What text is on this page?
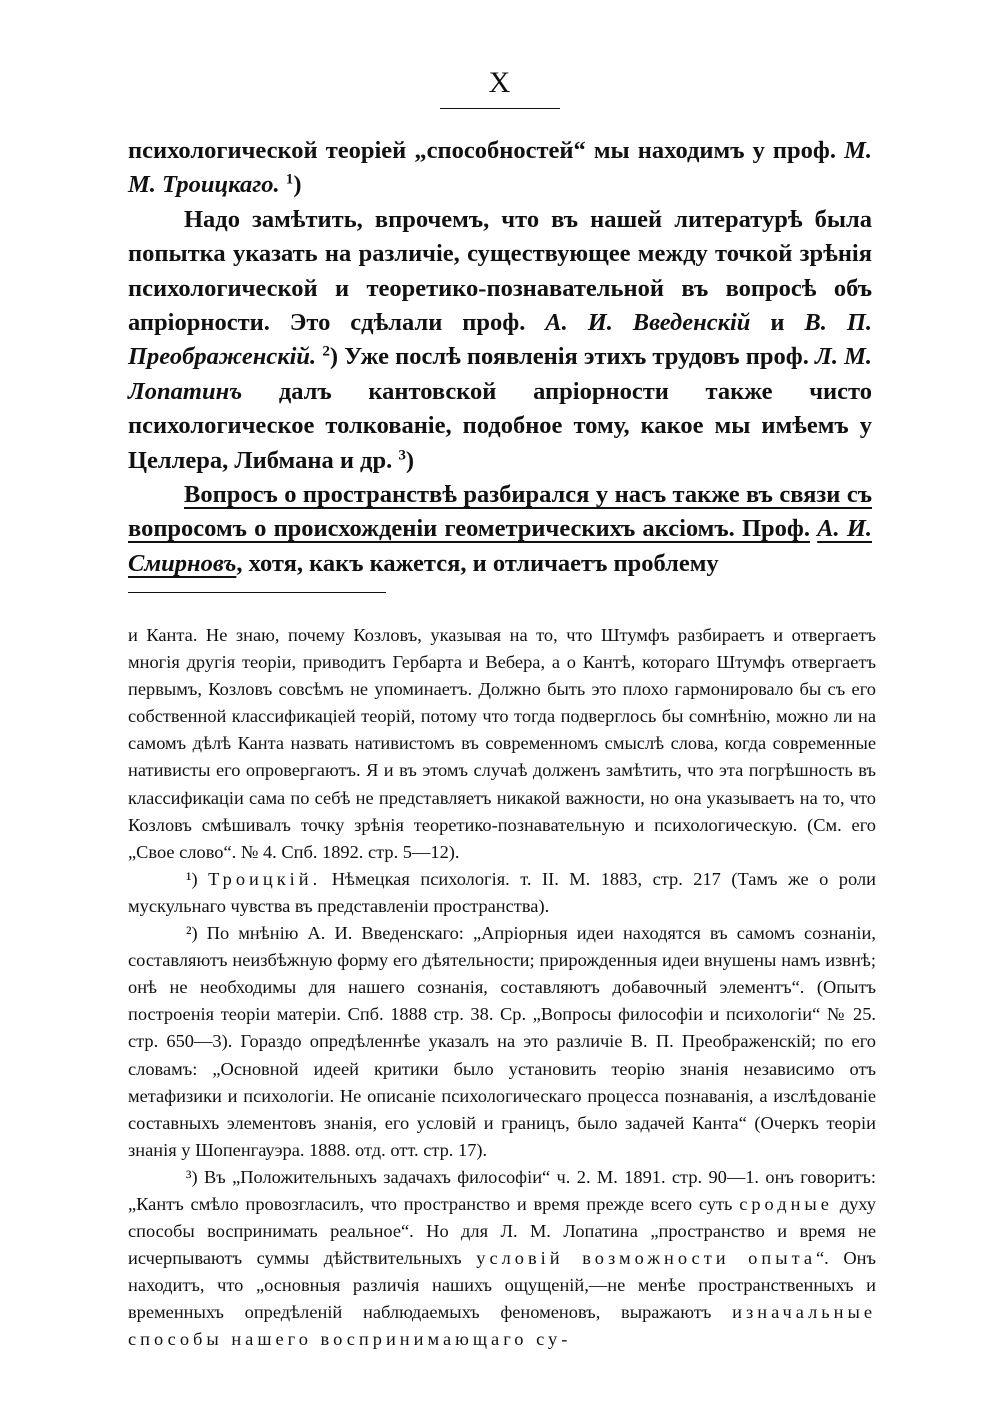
X

психологической теоріей „способностей“ мы находимъ у проф. М. М. Троицкаго. $^1$)

Надо замѣтить, впрочемъ, что въ нашей литературѣ была попытка указать на различіе, существующее между точкой зрѣнія психологической и теоретико-познавательной въ вопросѣ объ апріорности. Это сдѣлали проф. А. И. Введенскій и В. П. Преображенскій. $^2$) Уже послѣ появленія этихъ трудовъ проф. Л. М. Лопатинъ далъ кантовской апріорности также чисто психологическое толкованіе, подобное тому, какое мы имѣемъ у Целлера, Либмана и др. $^3$)

Вопросъ о пространствѣ разбирался у насъ также въ связи съ вопросомъ о происхожденіи геометрическихъ аксіомъ. Проф. А. И. Смирновъ, хотя, какъ кажется, и отличаетъ проблему

и Канта. Не знаю, почему Козловъ, указывая на то, что Штумфъ разбираетъ и отвергаетъ многія другія теоріи, приводитъ Гербарта и Вебера, а о Кантѣ, котораго Штумфъ отвергаетъ первымъ, Козловъ совсѣмъ не упоминаетъ. Должно быть это плохо гармонировало бы съ его собственной классификаціей теорій, потому что тогда подверглось бы сомнѣнію, можно ли на самомъ дѣлѣ Канта назвать нативистомъ въ современномъ смыслѣ слова, когда современные нативисты его опровергаютъ. Я и въ этомъ случаѣ долженъ замѣтить, что эта погрѣшность въ классификаціи сама по себѣ не представляетъ никакой важности, но она указываетъ на то, что Козловъ смѣшивалъ точку зрѣнія теоретико-познавательную и психологическую. (См. его „Свое слово“. № 4. Спб. 1892. стр. 5—12).

¹) Троицкій. Нѣмецкая психологія. т. II. М. 1883, стр. 217 (Тамъ же о роли мускульнаго чувства въ представленіи пространства).

²) По мнѣнію А. И. Введенскаго: „Апріорныя идеи находятся въ самомъ сознаніи, составляютъ неизбѣжную форму его дѣятельности; прирожденныя идеи внушены намъ извнѣ; онѣ не необходимы для нашего сознанія, составляютъ добавочный элементъ“. (Опытъ построенія теоріи матеріи. Спб. 1888 стр. 38. Ср. „Вопросы философіи и психологіи“ № 25. стр. 650—3). Гораздо опредѣленнѣе указалъ на это различіе В. П. Преображенскій; по его словамъ: „Основной идеей критики было установить теорію знанія независимо отъ метафизики и психологіи. Не описаніе психологическаго процесса познаванія, а изслѣдованіе составныхъ элементовъ знанія, его условій и границъ, было задачей Канта“ (Очеркъ теоріи знанія у Шопенгауэра. 1888. отд. отт. стр. 17).

³) Въ „Положительныхъ задачахъ философіи“ ч. 2. М. 1891. стр. 90—1. онъ говоритъ: „Кантъ смѣло провозгласилъ, что пространство и время прежде всего суть сродные духу способы воспринимать реальное“. Но для Л. М. Лопатина „пространство и время не исчерпываютъ суммы дѣйствительныхъ условій возможности опыта“. Онъ находитъ, что „основныя различія нашихъ ощущеній,—не менѣе пространственныхъ и временныхъ опредѣленій наблюдаемыхъ феноменовъ, выражаютъ изначальные способы нашего воспринимающаго су-
